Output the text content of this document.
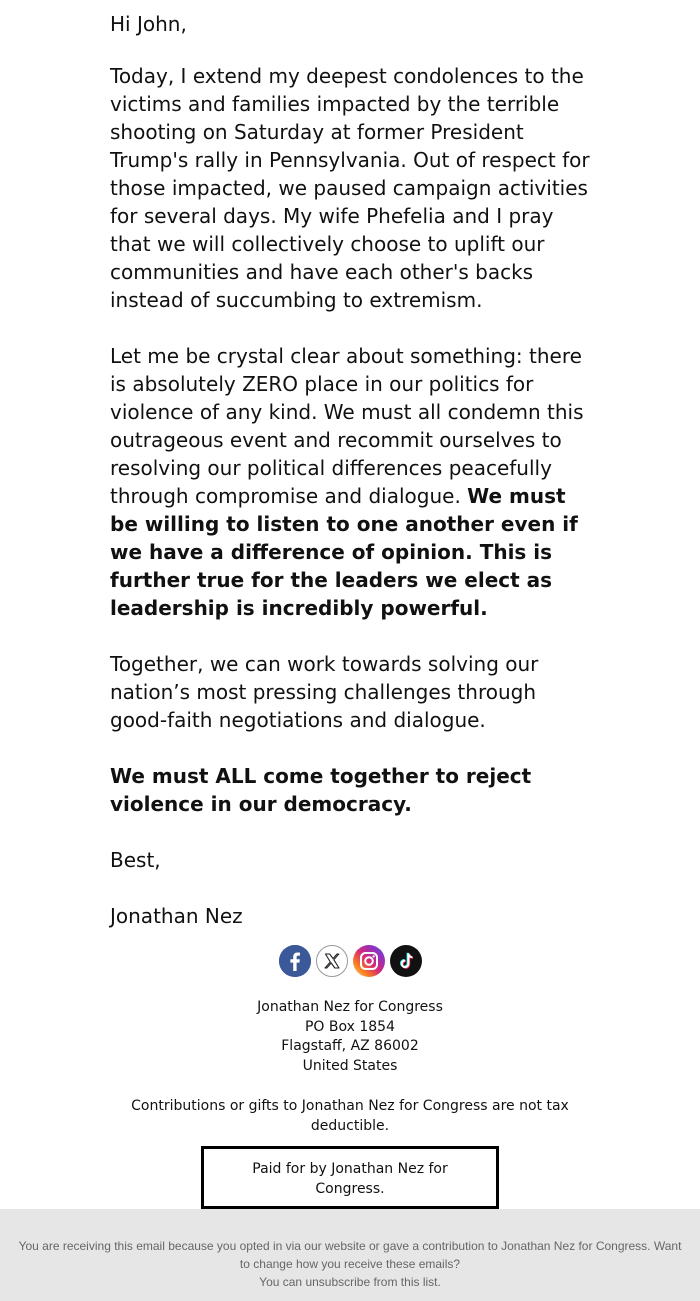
Hi John,

Today, I extend my deepest condolences to the victims and families impacted by the terrible shooting on Saturday at former President Trump's rally in Pennsylvania. Out of respect for those impacted, we paused campaign activities for several days. My wife Phefelia and I pray that we will collectively choose to uplift our communities and have each other's backs instead of succumbing to extremism.

Let me be crystal clear about something: there is absolutely ZERO place in our politics for violence of any kind. We must all condemn this outrageous event and recommit ourselves to resolving our political differences peacefully through compromise and dialogue. We must be willing to listen to one another even if we have a difference of opinion. This is further true for the leaders we elect as leadership is incredibly powerful.

Together, we can work towards solving our nation’s most pressing challenges through good-faith negotiations and dialogue.

We must ALL come together to reject violence in our democracy.

Best,

Jonathan Nez

Jonathan Nez for Congress
PO Box 1854
Flagstaff, AZ 86002
United States
Contributions or gifts to Jonathan Nez for Congress are not tax deductible.
Paid for by Jonathan Nez for Congress.
You are receiving this email because you opted in via our website or gave a contribution to Jonathan Nez for Congress. Want to change how you receive these emails?
You can unsubscribe from this list.
